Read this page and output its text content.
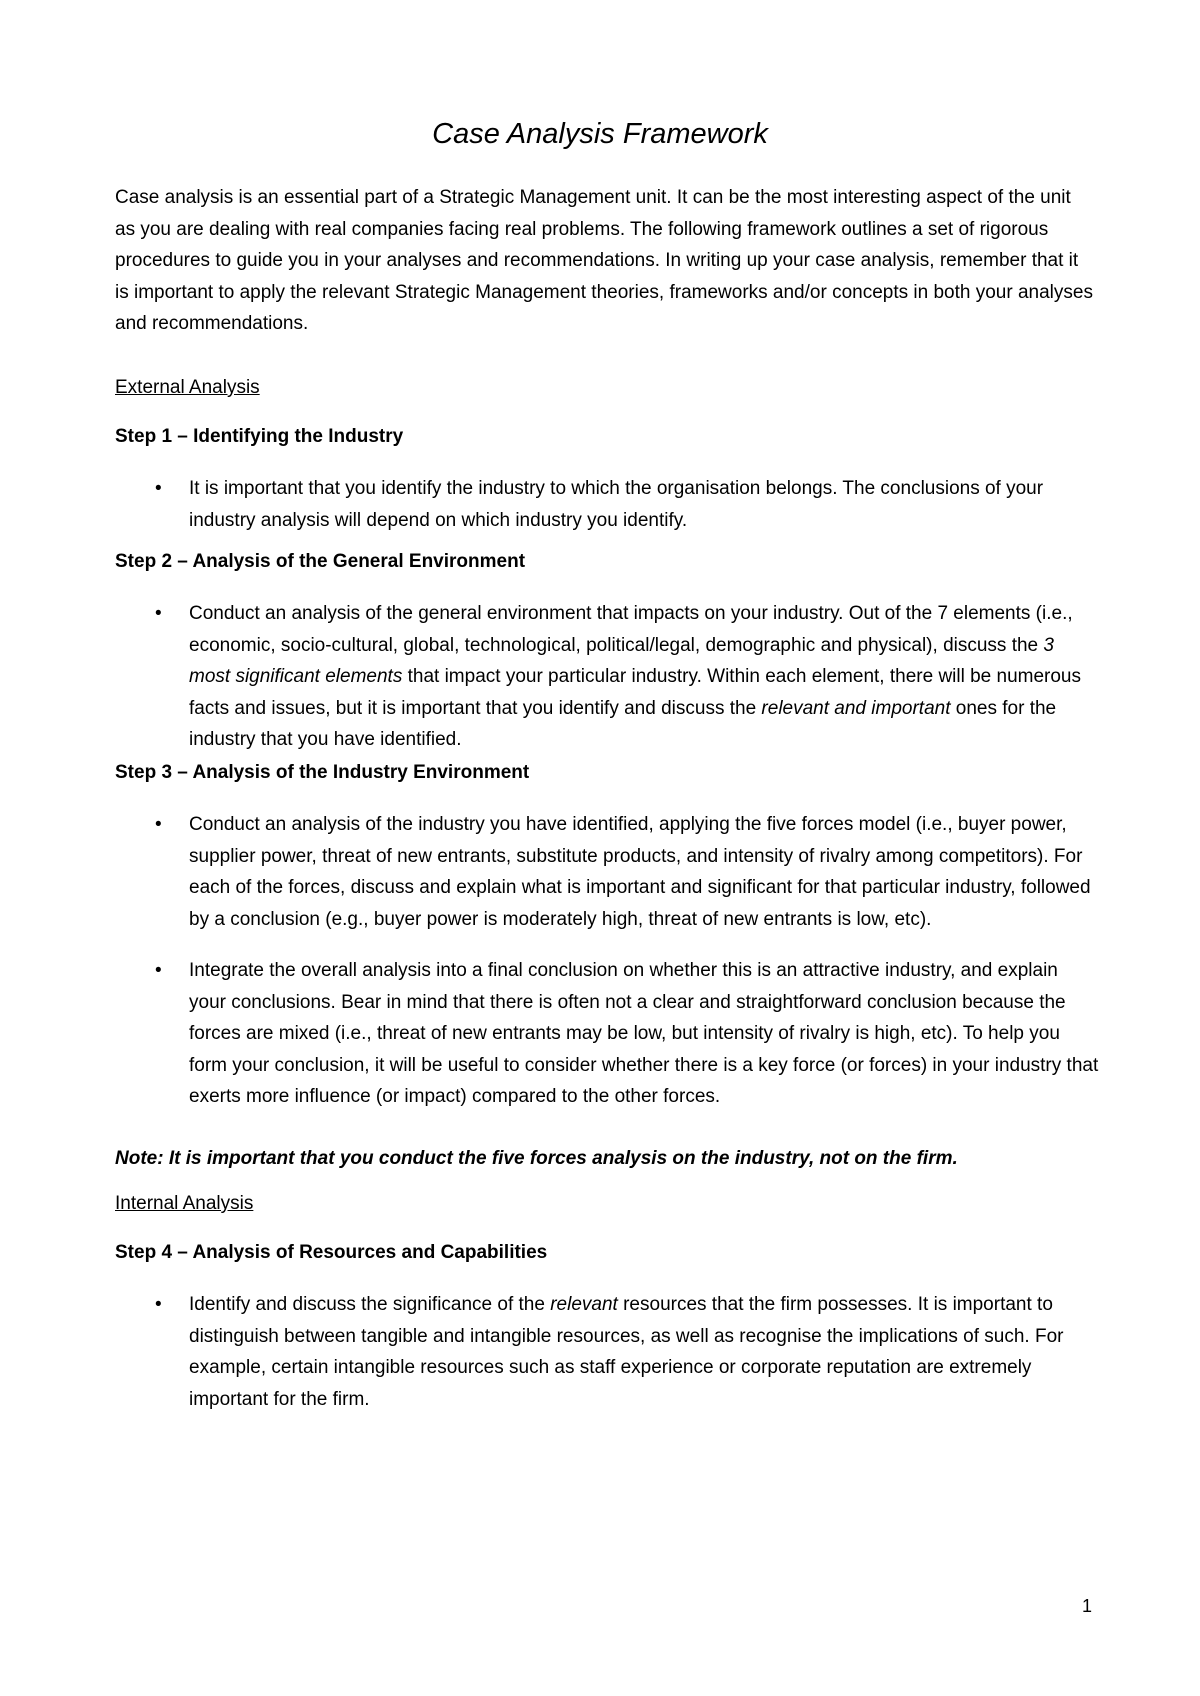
Case Analysis Framework

Case analysis is an essential part of a Strategic Management unit. It can be the most interesting aspect of the unit as you are dealing with real companies facing real problems. The following framework outlines a set of rigorous procedures to guide you in your analyses and recommendations. In writing up your case analysis, remember that it is important to apply the relevant Strategic Management theories, frameworks and/or concepts in both your analyses and recommendations.

External Analysis
Step 1 – Identifying the Industry
• It is important that you identify the industry to which the organisation belongs. The conclusions of your industry analysis will depend on which industry you identify.
Step 2 – Analysis of the General Environment
• Conduct an analysis of the general environment that impacts on your industry. Out of the 7 elements (i.e., economic, socio-cultural, global, technological, political/legal, demographic and physical), discuss the 3 most significant elements that impact your particular industry. Within each element, there will be numerous facts and issues, but it is important that you identify and discuss the relevant and important ones for the industry that you have identified.
Step 3 – Analysis of the Industry Environment
• Conduct an analysis of the industry you have identified, applying the five forces model (i.e., buyer power, supplier power, threat of new entrants, substitute products, and intensity of rivalry among competitors). For each of the forces, discuss and explain what is important and significant for that particular industry, followed by a conclusion (e.g., buyer power is moderately high, threat of new entrants is low, etc).
• Integrate the overall analysis into a final conclusion on whether this is an attractive industry, and explain your conclusions. Bear in mind that there is often not a clear and straightforward conclusion because the forces are mixed (i.e., threat of new entrants may be low, but intensity of rivalry is high, etc). To help you form your conclusion, it will be useful to consider whether there is a key force (or forces) in your industry that exerts more influence (or impact) compared to the other forces.

Note: It is important that you conduct the five forces analysis on the industry, not on the firm.

Internal Analysis
Step 4 – Analysis of Resources and Capabilities
• Identify and discuss the significance of the relevant resources that the firm possesses. It is important to distinguish between tangible and intangible resources, as well as recognise the implications of such. For example, certain intangible resources such as staff experience or corporate reputation are extremely important for the firm.
1
